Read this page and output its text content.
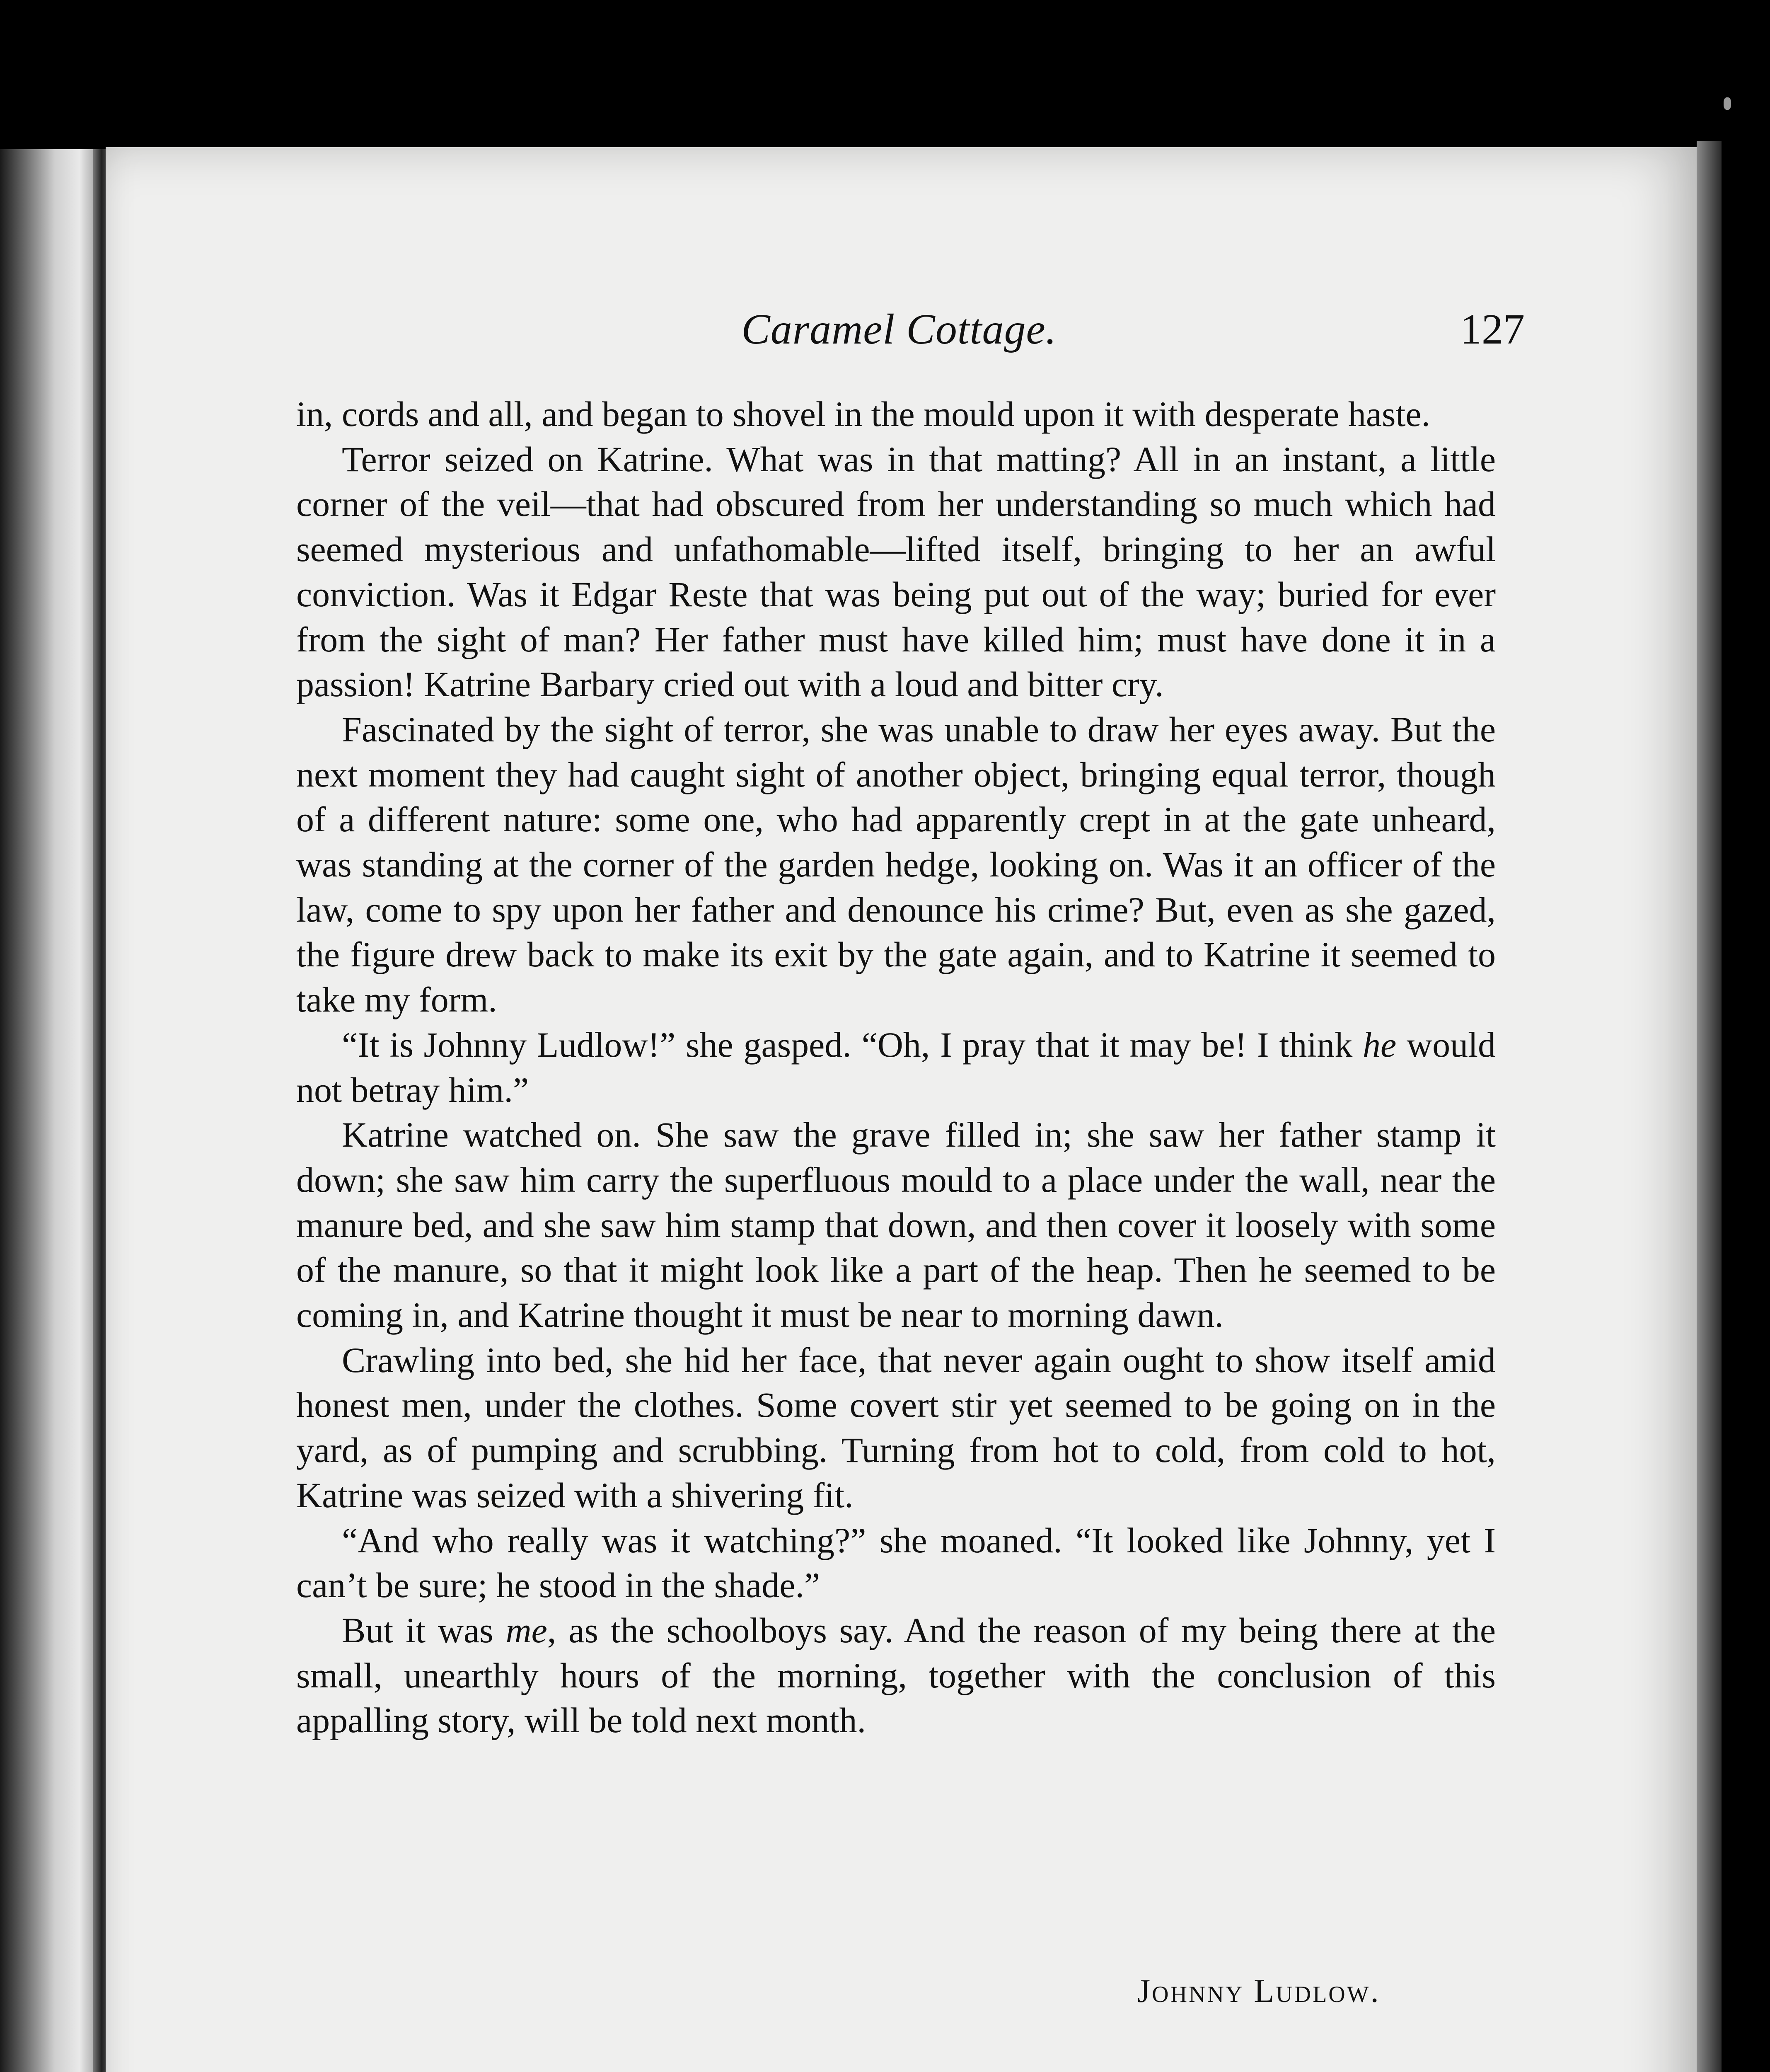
Caramel Cottage.	127

in, cords and all, and began to shovel in the mould upon it with desperate haste.

Terror seized on Katrine. What was in that matting? All in an instant, a little corner of the veil—that had obscured from her understanding so much which had seemed mysterious and unfathomable—lifted itself, bringing to her an awful conviction. Was it Edgar Reste that was being put out of the way; buried for ever from the sight of man? Her father must have killed him; must have done it in a passion! Katrine Barbary cried out with a loud and bitter cry.

Fascinated by the sight of terror, she was unable to draw her eyes away. But the next moment they had caught sight of another object, bringing equal terror, though of a different nature: some one, who had apparently crept in at the gate unheard, was standing at the corner of the garden hedge, looking on. Was it an officer of the law, come to spy upon her father and denounce his crime? But, even as she gazed, the figure drew back to make its exit by the gate again, and to Katrine it seemed to take my form.

“It is Johnny Ludlow!” she gasped. “Oh, I pray that it may be! I think he would not betray him.”

Katrine watched on. She saw the grave filled in; she saw her father stamp it down; she saw him carry the superfluous mould to a place under the wall, near the manure bed, and she saw him stamp that down, and then cover it loosely with some of the manure, so that it might look like a part of the heap. Then he seemed to be coming in, and Katrine thought it must be near to morning dawn.

Crawling into bed, she hid her face, that never again ought to show itself amid honest men, under the clothes. Some covert stir yet seemed to be going on in the yard, as of pumping and scrubbing. Turning from hot to cold, from cold to hot, Katrine was seized with a shivering fit.

“And who really was it watching?” she moaned. “It looked like Johnny, yet I can’t be sure; he stood in the shade.”

But it was me, as the schoolboys say. And the reason of my being there at the small, unearthly hours of the morning, together with the conclusion of this appalling story, will be told next month.

Johnny Ludlow.
